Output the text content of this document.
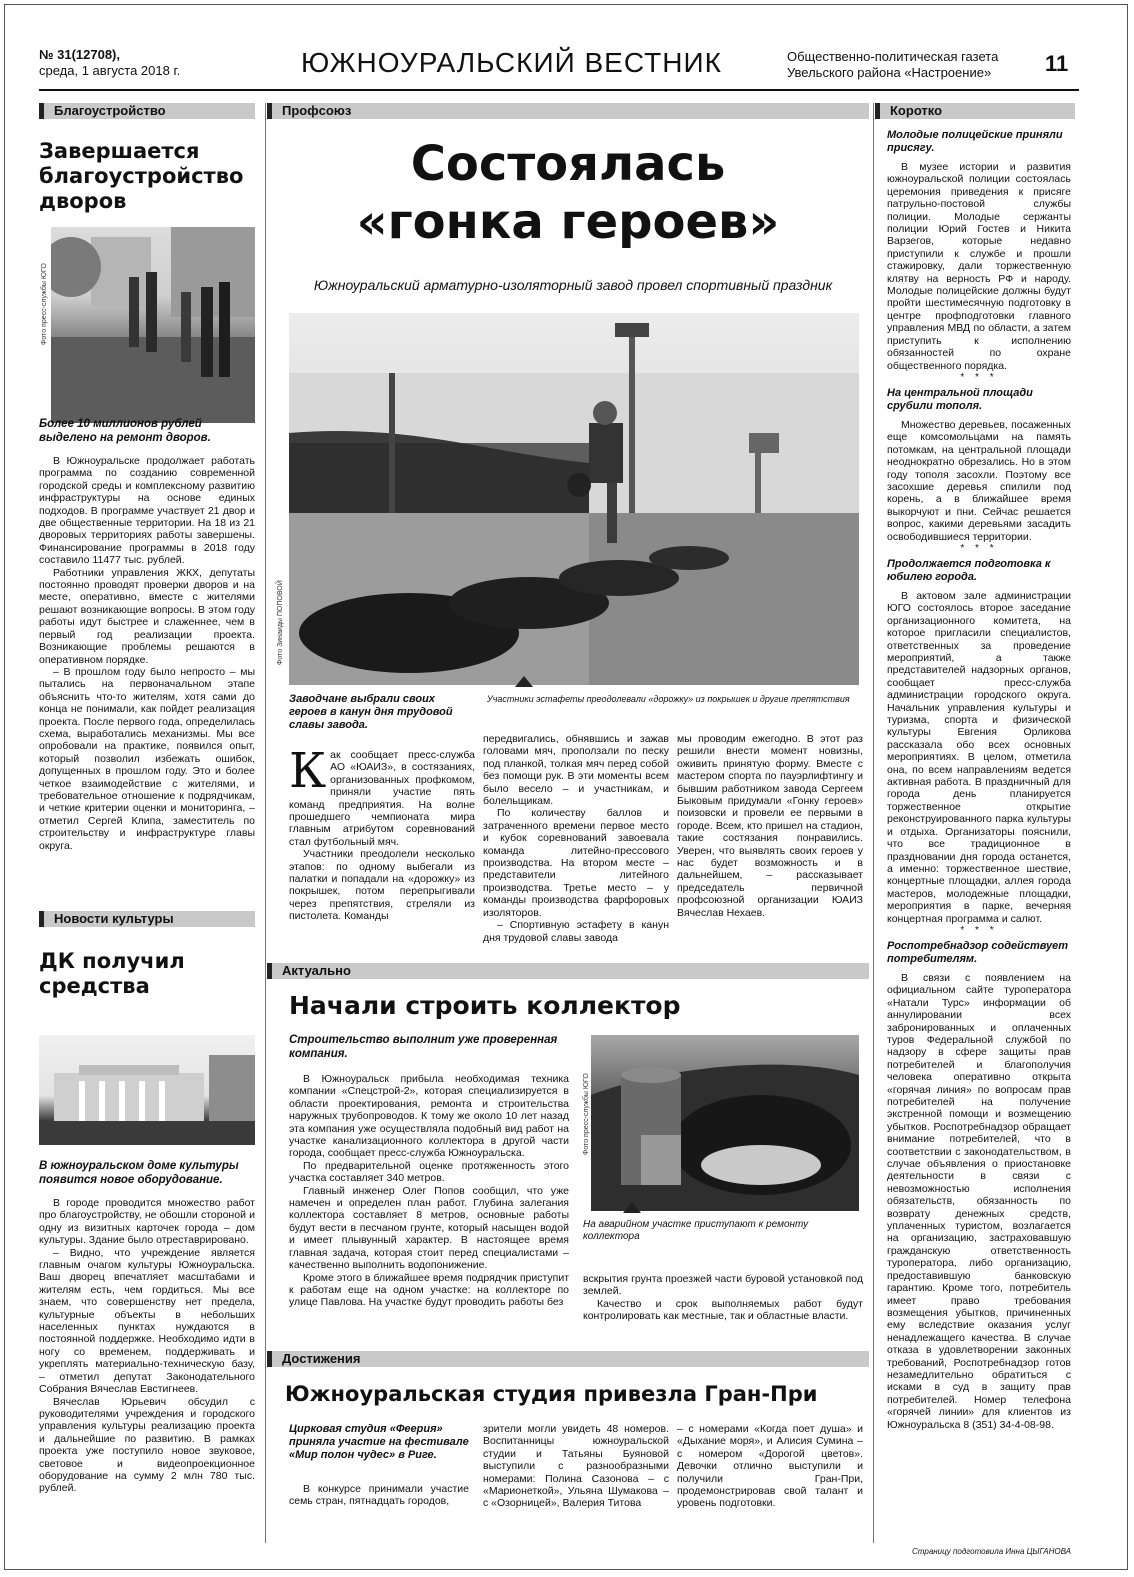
№ 31(12708),
среда, 1 августа 2018 г.	ЮЖНОУРАЛЬСКИЙ ВЕСТНИК	Общественно-политическая газета
Увельского района «Настроение» 11
Благоустройство
Завершается благоустройство дворов
Фото пресс-службы ЮГО
Более 10 миллионов рублей выделено на ремонт дворов.

В Южноуральске продолжает работать программа по созданию современной городской среды и комплексному развитию инфраструктуры на основе единых подходов. В программе участвует 21 двор и две общественные территории. На 18 из 21 дворовых территориях работы завершены. Финансирование программы в 2018 году составило 11477 тыс. рублей.

Работники управления ЖКХ, депутаты постоянно проводят проверки дворов и на месте, оперативно, вместе с жителями решают возникающие вопросы. В этом году работы идут быстрее и слаженнее, чем в первый год реализации проекта. Возникающие проблемы решаются в оперативном порядке.

– В прошлом году было непросто – мы пытались на первоначальном этапе объяснить что-то жителям, хотя сами до конца не понимали, как пойдет реализация проекта. После первого года, определилась схема, выработались механизмы. Мы все опробовали на практике, появился опыт, который позволил избежать ошибок, допущенных в прошлом году. Это и более четкое взаимодействие с жителями, и требовательное отношение к подрядчикам, и четкие критерии оценки и мониторинга, – отметил Сергей Клипа, заместитель по строительству и инфраструктуре главы округа.

Новости культуры
ДК получил средства
В южноуральском доме культуры появится новое оборудование.

В городе проводится множество работ про благоустройству, не обошли стороной и одну из визитных карточек города – дом культуры. Здание было отреставрировано.

– Видно, что учреждение является главным очагом культуры Южноуральска. Ваш дворец впечатляет масштабами и жителям есть, чем гордиться. Мы все знаем, что совершенству нет предела, культурные объекты в небольших населенных пунктах нуждаются в постоянной поддержке. Необходимо идти в ногу со временем, поддерживать и укреплять материально-техническую базу, – отметил депутат Законодательного Собрания Вячеслав Евстигнеев.

Вячеслав Юрьевич обсудил с руководителями учреждения и городского управления культуры реализацию проекта и дальнейшие по развитию. В рамках проекта уже поступило новое звуковое, световое и видеопроекционное оборудование на сумму 2 млн 780 тыс. рублей.

Профсоюз
Состоялась
«гонка героев»
Южноуральский арматурно-изоляторный завод провел спортивный праздник
Фото Зинаиды ПОПОВОЙ
Заводчане выбрали своих героев в канун дня трудовой славы завода.
Участники эстафеты преодолевали «дорожку» из покрышек и другие препятствия
К ак сообщает пресс-служба АО «ЮАИЗ», в состязаниях, организованных профкомом, приняли участие пять команд предприятия. На волне прошедшего чемпионата мира главным атрибутом соревнований стал футбольный мяч.

Участники преодолели несколько этапов: по одному выбегали из палатки и попадали на «дорожку» из покрышек, потом перепрыгивали через препятствия, стреляли из пистолета. Команды

передвигались, обнявшись и зажав головами мяч, проползали по песку под планкой, толкая мяч перед собой без помощи рук. В эти моменты всем было весело – и участникам, и болельщикам.

По количеству баллов и затраченного времени первое место и кубок соревнований завоевала команда литейно-прессового производства. На втором месте – представители литейного производства. Третье место – у команды производства фарфоровых изоляторов.

– Спортивную эстафету в канун дня трудовой славы завода

мы проводим ежегодно. В этот раз решили внести момент новизны, оживить принятую форму. Вместе с мастером спорта по пауэрлифтингу и бывшим работником завода Сергеем Быковым придумали «Гонку героев» поизовски и провели ее первыми в городе. Всем, кто пришел на стадион, такие состязания понравились. Уверен, что выявлять своих героев у нас будет возможность и в дальнейшем, – рассказывает председатель первичной профсоюзной организации ЮАИЗ Вячеслав Нехаев.

Актуально
Начали строить коллектор
Строительство выполнит уже проверенная компания.

В Южноуральск прибыла необходимая техника компании «Спецстрой-2», которая специализируется в области проектирования, ремонта и строительства наружных трубопроводов. К тому же около 10 лет назад эта компания уже осуществляла подобный вид работ на участке канализационного коллектора в другой части города, сообщает пресс-служба Южноуральска.

По предварительной оценке протяженность этого участка составляет 340 метров.

Главный инженер Олег Попов сообщил, что уже намечен и определен план работ. Глубина залегания коллектора составляет 8 метров, основные работы будут вести в песчаном грунте, который насыщен водой и имеет плывунный характер. В настоящее время главная задача, которая стоит перед специалистами – качественно выполнить водопонижение.

Кроме этого в ближайшее время подрядчик приступит к работам еще на одном участке: на коллекторе по улице Павлова. На участке будут проводить работы без

Фото пресс-службы ЮГО
На аварийном участке приступают к ремонту коллектора

вскрытия грунта проезжей части буровой установкой под землей.

Качество и срок выполняемых работ будут контролировать как местные, так и областные власти.

Достижения
Южноуральская студия привезла Гран-При
Цирковая студия «Феерия» приняла участие на фестивале «Мир полон чудес» в Риге.

В конкурсе принимали участие семь стран, пятнадцать городов,

зрители могли увидеть 48 номеров. Воспитанницы южноуральской студии и Татьяны Буяновой выступили с разнообразными номерами: Полина Сазонова – с «Марионеткой», Ульяна Шумакова – с «Озорницей», Валерия Титова

– с номерами «Когда поет душа» и «Дыхание моря», и Алисия Сумина – с номером «Дорогой цветов». Девочки отлично выступили и получили Гран-При, продемонстрировав свой талант и уровень подготовки.

Коротко
Молодые полицейские приняли присягу.

В музее истории и развития южноуральской полиции состоялась церемония приведения к присяге патрульно-постовой службы полиции. Молодые сержанты полиции Юрий Гостев и Никита Варзегов, которые недавно приступили к службе и прошли стажировку, дали торжественную клятву на верность РФ и народу. Молодые полицейские должны будут пройти шестимесячную подготовку в центре профподготовки главного управления МВД по области, а затем приступить к исполнению обязанностей по охране общественного порядка.

* * *
На центральной площади срубили тополя.

Множество деревьев, посаженных еще комсомольцами на память потомкам, на центральной площади неоднократно обрезались. Но в этом году тополя засохли. Поэтому все засохшие деревья спилили под корень, а в ближайшее время выкорчуют и пни. Сейчас решается вопрос, какими деревьями засадить освободившиеся территории.

* * *
Продолжается подготовка к юбилею города.

В актовом зале администрации ЮГО состоялось второе заседание организационного комитета, на которое пригласили специалистов, ответственных за проведение мероприятий, а также представителей надзорных органов, сообщает пресс-служба администрации городского округа. Начальник управления культуры и туризма, спорта и физической культуры Евгения Орликова рассказала обо всех основных мероприятиях. В целом, отметила она, по всем направлениям ведется активная работа. В праздничный для города день планируется торжественное открытие реконструированного парка культуры и отдыха. Организаторы пояснили, что все традиционное в праздновании дня города останется, а именно: торжественное шествие, концертные площадки, аллея города мастеров, молодежные площадки, мероприятия в парке, вечерняя концертная программа и салют.

* * *
Роспотребнадзор содействует потребителям.

В связи с появлением на официальном сайте туроператора «Натали Турс» информации об аннулировании всех забронированных и оплаченных туров Федеральной службой по надзору в сфере защиты прав потребителей и благополучия человека оперативно открыта «горячая линия» по вопросам прав потребителей на получение экстренной помощи и возмещению убытков. Роспотребнадзор обращает внимание потребителей, что в соответствии с законодательством, в случае объявления о приостановке деятельности в связи с невозможностью исполнения обязательств, обязанность по возврату денежных средств, уплаченных туристом, возлагается на организацию, застраховавшую гражданскую ответственность туроператора, либо организацию, предоставившую банковскую гарантию. Кроме того, потребитель имеет право требования возмещения убытков, причиненных ему вследствие оказания услуг ненадлежащего качества. В случае отказа в удовлетворении законных требований, Роспотребнадзор готов незамедлительно обратиться с исками в суд в защиту прав потребителей. Номер телефона «горячей линии» для клиентов из Южноуральска 8 (351) 34-4-08-98.

Страницу подготовила Инна ЦЫГАНОВА
